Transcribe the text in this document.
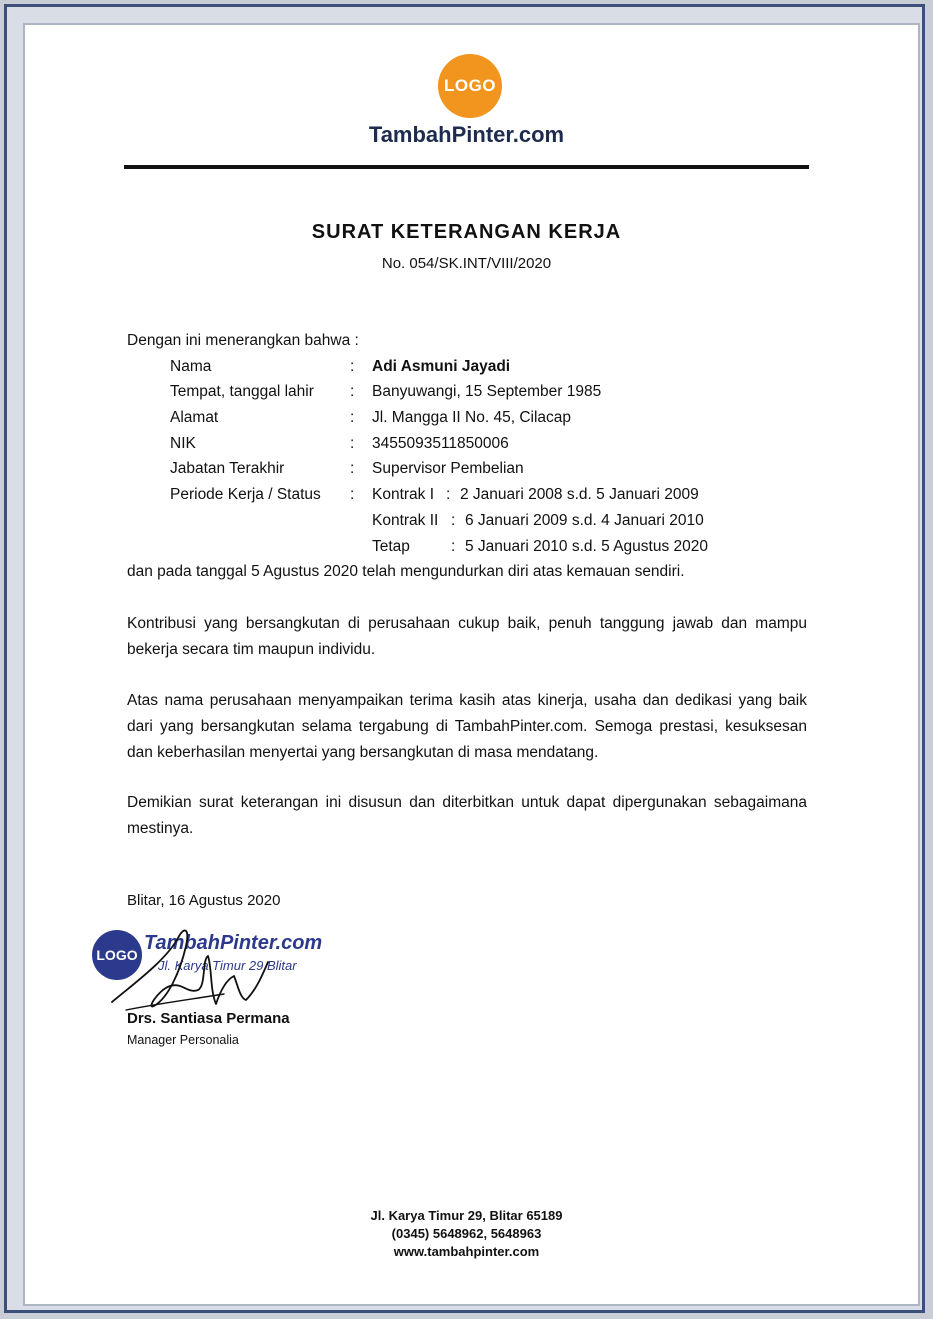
LOGO
TambahPinter.com
SURAT KETERANGAN KERJA
No. 054/SK.INT/VIII/2020
Dengan ini menerangkan bahwa :
Nama	: Adi Asmuni Jayadi
Tempat, tanggal lahir : Banyuwangi, 15 September 1985
Alamat	: Jl. Mangga II No. 45, Cilacap
NIK	: 3455093511850006
Jabatan Terakhir	: Supervisor Pembelian
Periode Kerja / Status : Kontrak I : 2 Januari 2008 s.d. 5 Januari 2009
Kontrak II : 6 Januari 2009 s.d. 4 Januari 2010
Tetap	: 5 Januari 2010 s.d. 5 Agustus 2020
dan pada tanggal 5 Agustus 2020 telah mengundurkan diri atas kemauan sendiri.
Kontribusi yang bersangkutan di perusahaan cukup baik, penuh tanggung jawab dan mampu bekerja secara tim maupun individu.
Atas nama perusahaan menyampaikan terima kasih atas kinerja, usaha dan dedikasi yang baik dari yang bersangkutan selama tergabung di TambahPinter.com. Semoga prestasi, kesuksesan dan keberhasilan menyertai yang bersangkutan di masa mendatang.
Demikian surat keterangan ini disusun dan diterbitkan untuk dapat dipergunakan sebagaimana mestinya.
Blitar, 16 Agustus 2020
LOGO
TambahPinter.com
Jl. Karya Timur 29 Blitar
Drs. Santiasa Permana
Manager Personalia
Jl. Karya Timur 29, Blitar 65189
(0345) 5648962, 5648963
www.tambahpinter.com
